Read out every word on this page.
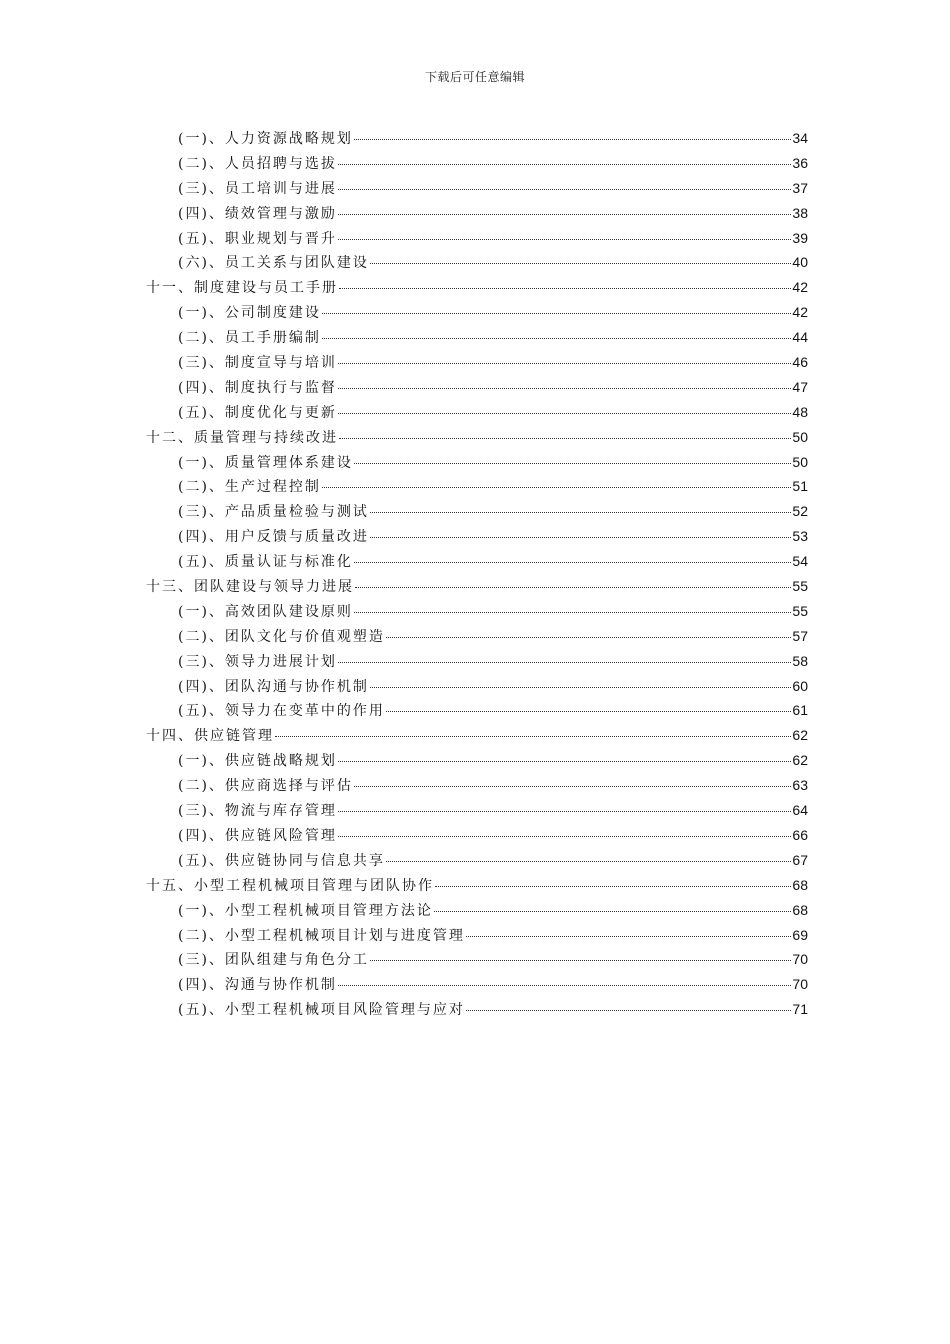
下载后可任意编辑
(一)、人力资源战略规划	34
(二)、人员招聘与选拔	36
(三)、员工培训与进展	37
(四)、绩效管理与激励	38
(五)、职业规划与晋升	39
(六)、员工关系与团队建设	40
十一、制度建设与员工手册	42
(一)、公司制度建设	42
(二)、员工手册编制	44
(三)、制度宣导与培训	46
(四)、制度执行与监督	47
(五)、制度优化与更新	48
十二、质量管理与持续改进	50
(一)、质量管理体系建设	50
(二)、生产过程控制	51
(三)、产品质量检验与测试	52
(四)、用户反馈与质量改进	53
(五)、质量认证与标准化	54
十三、团队建设与领导力进展	55
(一)、高效团队建设原则	55
(二)、团队文化与价值观塑造	57
(三)、领导力进展计划	58
(四)、团队沟通与协作机制	60
(五)、领导力在变革中的作用	61
十四、供应链管理	62
(一)、供应链战略规划	62
(二)、供应商选择与评估	63
(三)、物流与库存管理	64
(四)、供应链风险管理	66
(五)、供应链协同与信息共享	67
十五、小型工程机械项目管理与团队协作	68
(一)、小型工程机械项目管理方法论	68
(二)、小型工程机械项目计划与进度管理	69
(三)、团队组建与角色分工	70
(四)、沟通与协作机制	70
(五)、小型工程机械项目风险管理与应对	71
